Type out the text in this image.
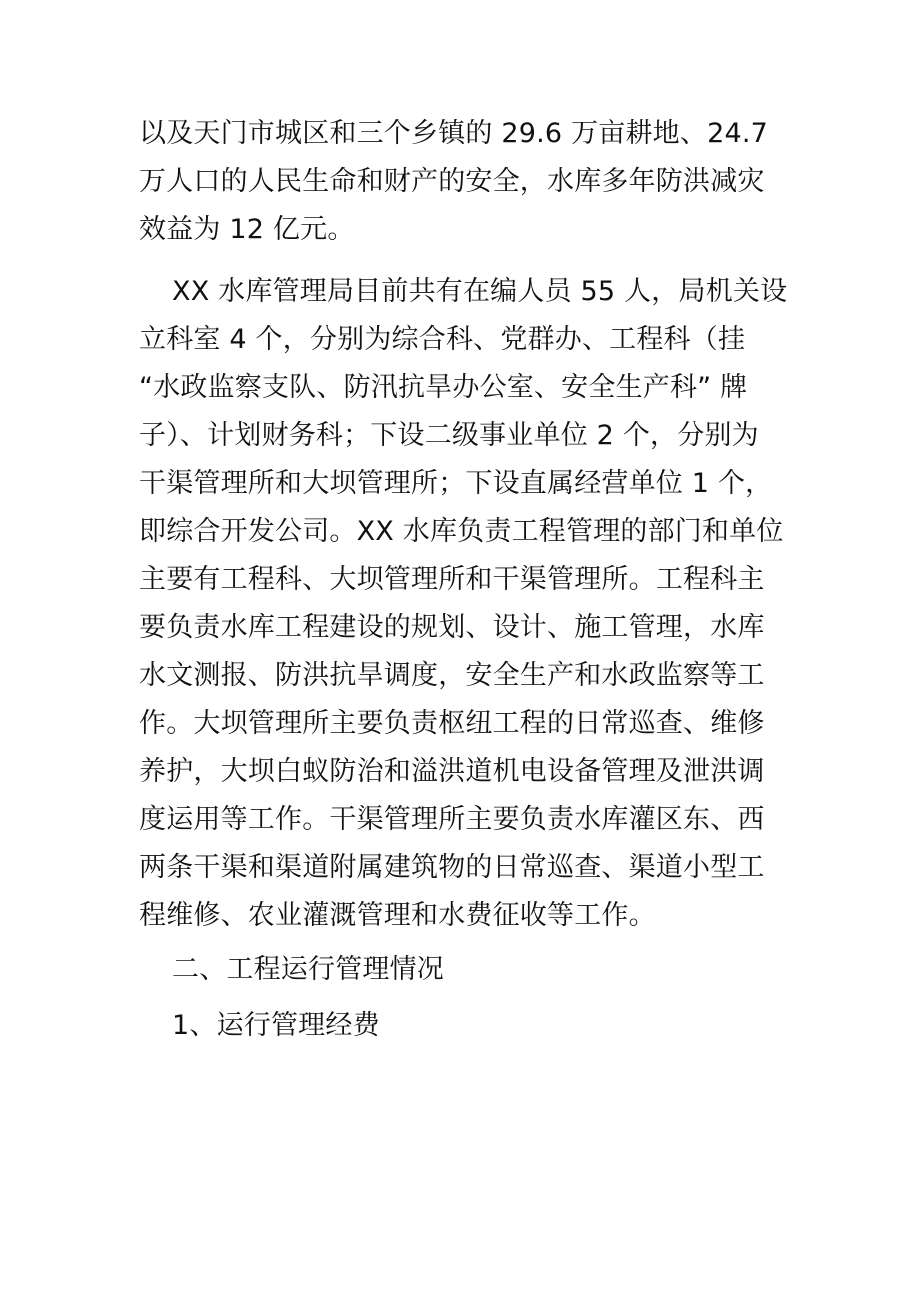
以及天门市城区和三个乡镇的 29.6 万亩耕地、24.7
万人口的人民生命和财产的安全，水库多年防洪减灾
效益为 12 亿元。
XX 水库管理局目前共有在编人员 55 人，局机关设
立科室 4 个，分别为综合科、党群办、工程科（挂
“水政监察支队、防汛抗旱办公室、安全生产科” 牌
子）、计划财务科；下设二级事业单位 2 个，分别为
干渠管理所和大坝管理所；下设直属经营单位 1 个，
即综合开发公司。XX 水库负责工程管理的部门和单位
主要有工程科、大坝管理所和干渠管理所。工程科主
要负责水库工程建设的规划、设计、施工管理，水库
水文测报、防洪抗旱调度，安全生产和水政监察等工
作。大坝管理所主要负责枢纽工程的日常巡查、维修
养护，大坝白蚁防治和溢洪道机电设备管理及泄洪调
度运用等工作。干渠管理所主要负责水库灌区东、西
两条干渠和渠道附属建筑物的日常巡查、渠道小型工
程维修、农业灌溉管理和水费征收等工作。
二、工程运行管理情况
1、运行管理经费
